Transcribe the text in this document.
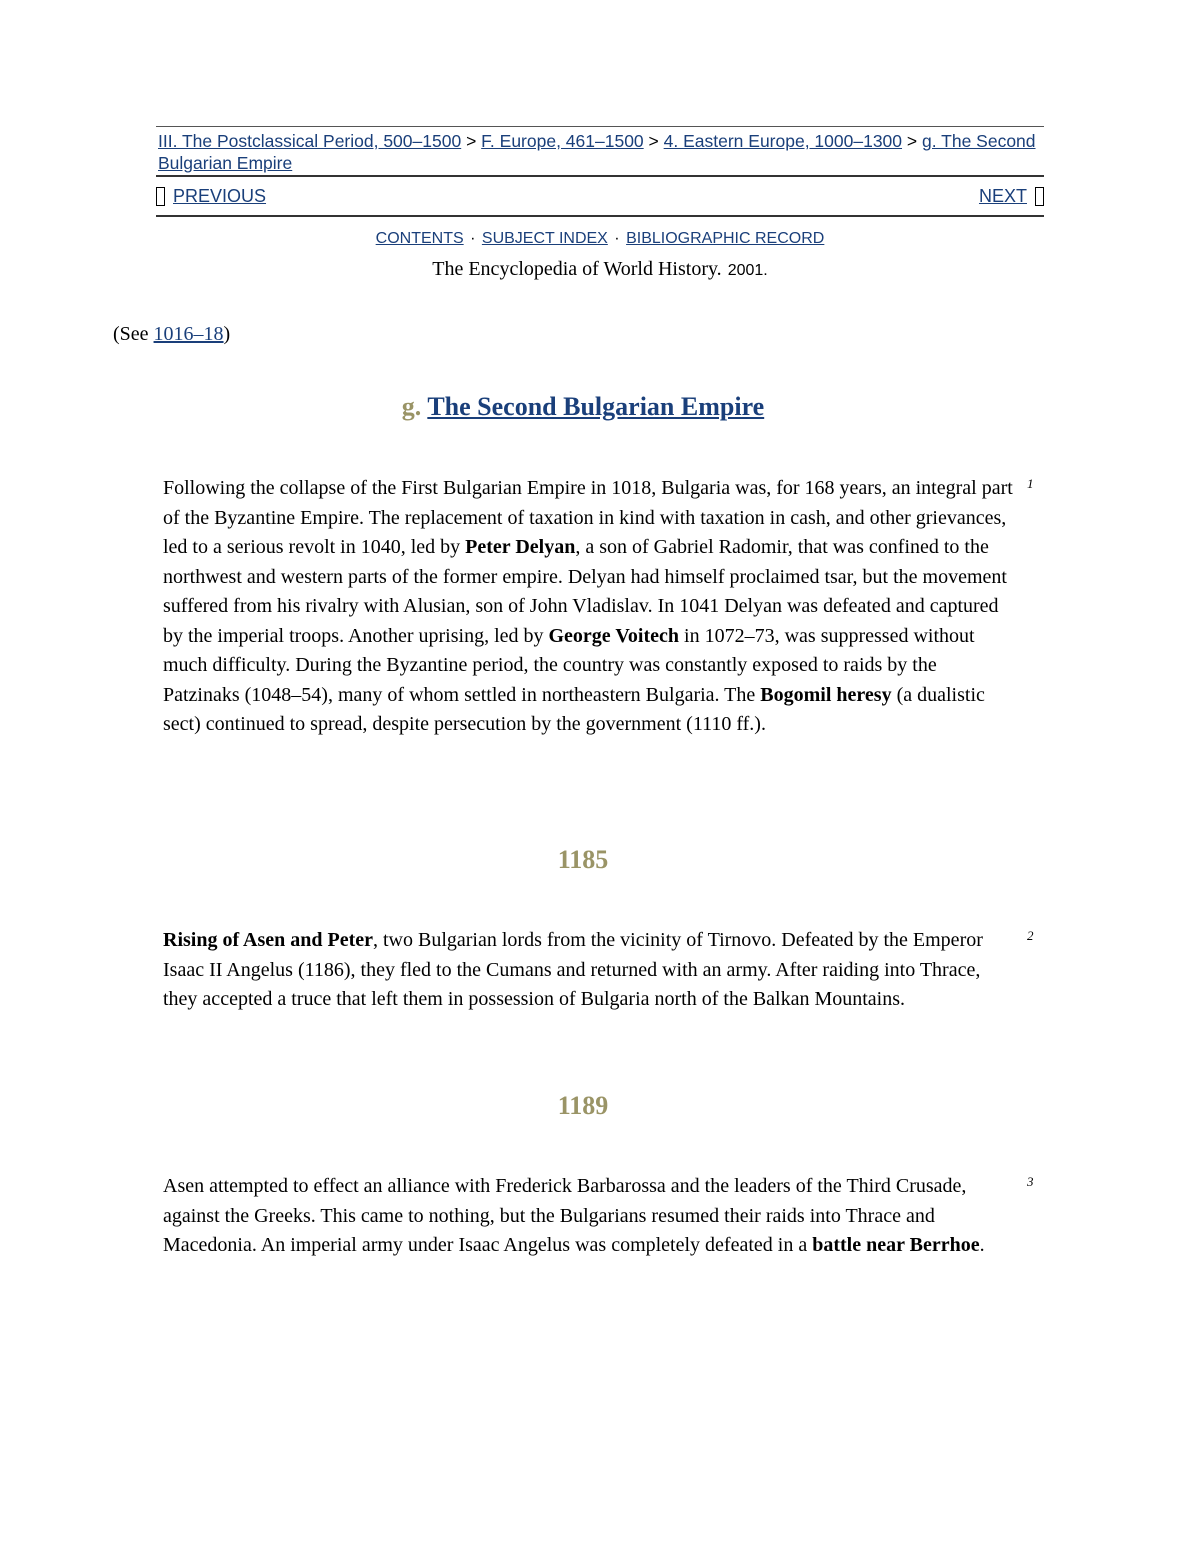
III. The Postclassical Period, 500–1500 > F. Europe, 461–1500 > 4. Eastern Europe, 1000–1300 > g. The Second Bulgarian Empire
PREVIOUS	NEXT
CONTENTS · SUBJECT INDEX · BIBLIOGRAPHIC RECORD
The Encyclopedia of World History. 2001.
(See 1016–18)
g. The Second Bulgarian Empire

Following the collapse of the First Bulgarian Empire in 1018, Bulgaria was, for 168 years, an integral part of the Byzantine Empire. The replacement of taxation in kind with taxation in cash, and other grievances, led to a serious revolt in 1040, led by Peter Delyan, a son of Gabriel Radomir, that was confined to the northwest and western parts of the former empire. Delyan had himself proclaimed tsar, but the movement suffered from his rivalry with Alusian, son of John Vladislav. In 1041 Delyan was defeated and captured by the imperial troops. Another uprising, led by George Voitech in 1072–73, was suppressed without much difficulty. During the Byzantine period, the country was constantly exposed to raids by the Patzinaks (1048–54), many of whom settled in northeastern Bulgaria. The Bogomil heresy (a dualistic sect) continued to spread, despite persecution by the government (1110 ff.).

1
1185

Rising of Asen and Peter, two Bulgarian lords from the vicinity of Tirnovo. Defeated by the Emperor Isaac II Angelus (1186), they fled to the Cumans and returned with an army. After raiding into Thrace, they accepted a truce that left them in possession of Bulgaria north of the Balkan Mountains.

2
1189

Asen attempted to effect an alliance with Frederick Barbarossa and the leaders of the Third Crusade, against the Greeks. This came to nothing, but the Bulgarians resumed their raids into Thrace and Macedonia. An imperial army under Isaac Angelus was completely defeated in a battle near Berrhoe.

3
